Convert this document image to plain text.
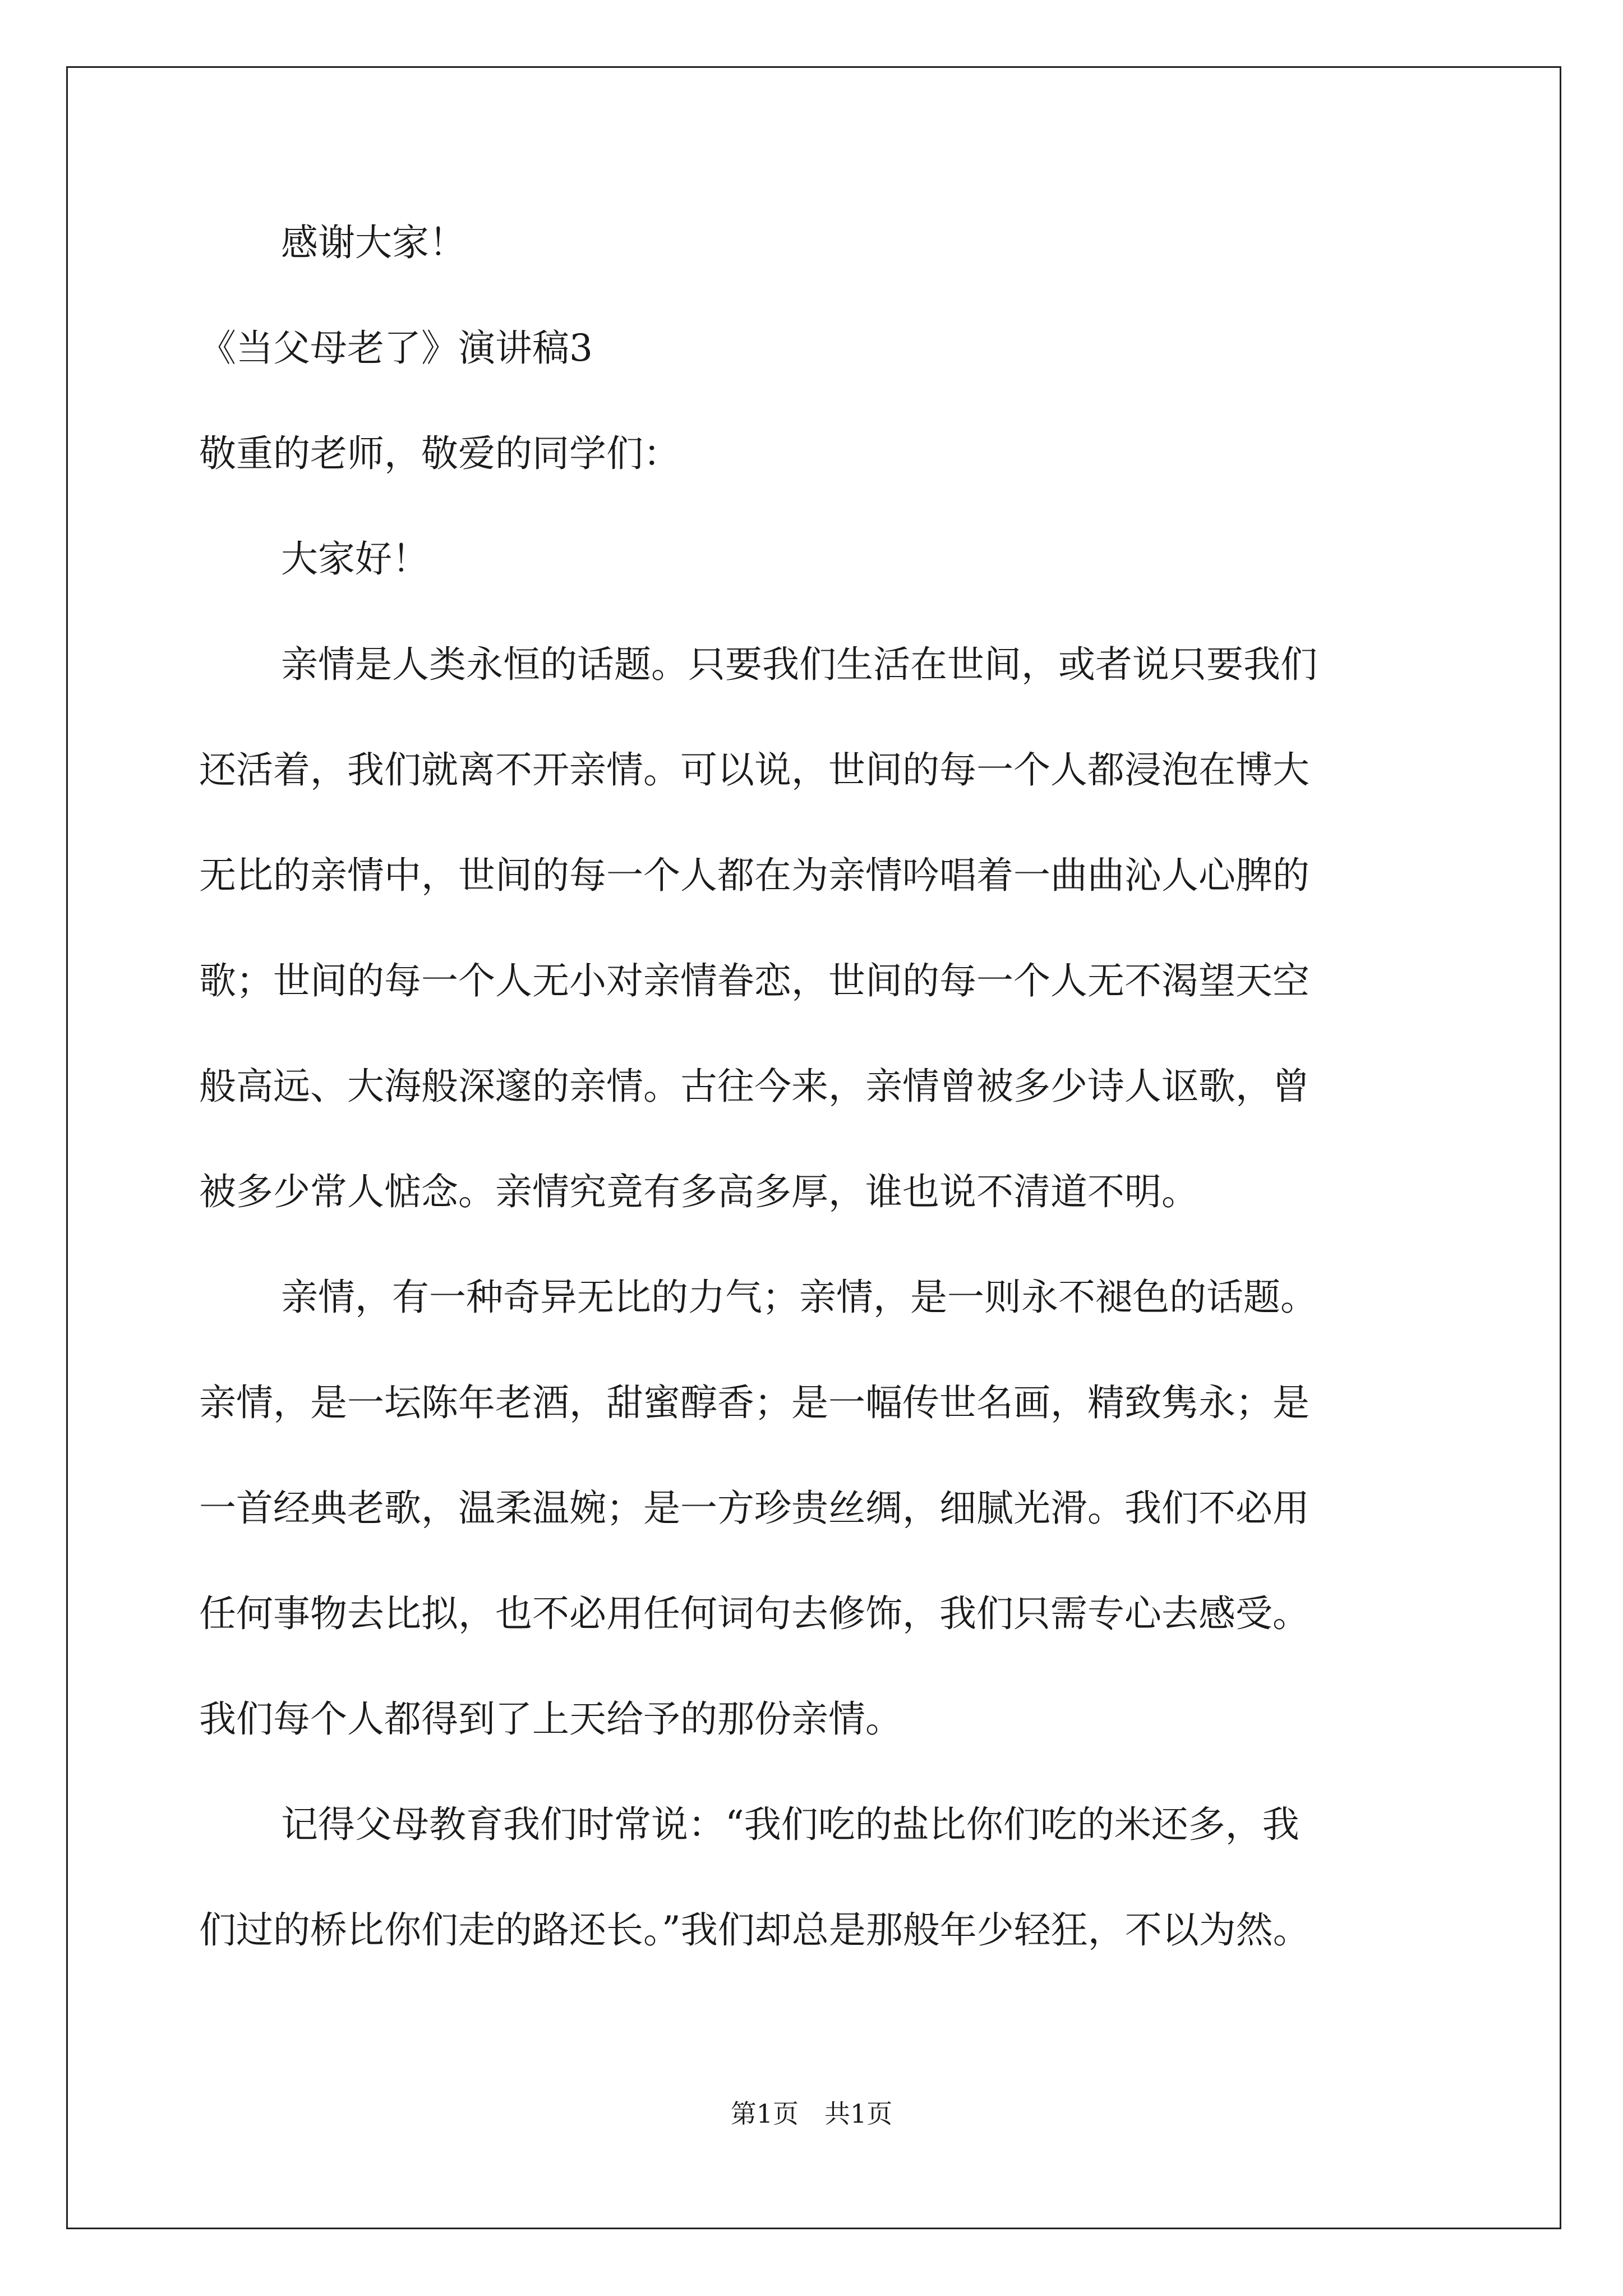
感谢大家！
《当父母老了》演讲稿3
敬重的老师，敬爱的同学们：
大家好！
亲情是人类永恒的话题。只要我们生活在世间，或者说只要我们
还活着，我们就离不开亲情。可以说，世间的每一个人都浸泡在博大
无比的亲情中，世间的每一个人都在为亲情吟唱着一曲曲沁人心脾的
歌；世间的每一个人无小对亲情眷恋，世间的每一个人无不渴望天空
般高远、大海般深邃的亲情。古往今来，亲情曾被多少诗人讴歌，曾
被多少常人惦念。亲情究竟有多高多厚，谁也说不清道不明。
亲情，有一种奇异无比的力气；亲情，是一则永不褪色的话题。
亲情，是一坛陈年老酒，甜蜜醇香；是一幅传世名画，精致隽永；是
一首经典老歌，温柔温婉；是一方珍贵丝绸，细腻光滑。我们不必用
任何事物去比拟，也不必用任何词句去修饰，我们只需专心去感受。
我们每个人都得到了上天给予的那份亲情。
记得父母教育我们时常说：“我们吃的盐比你们吃的米还多，我
们过的桥比你们走的路还长。”我们却总是那般年少轻狂，不以为然。
第1页　共1页
